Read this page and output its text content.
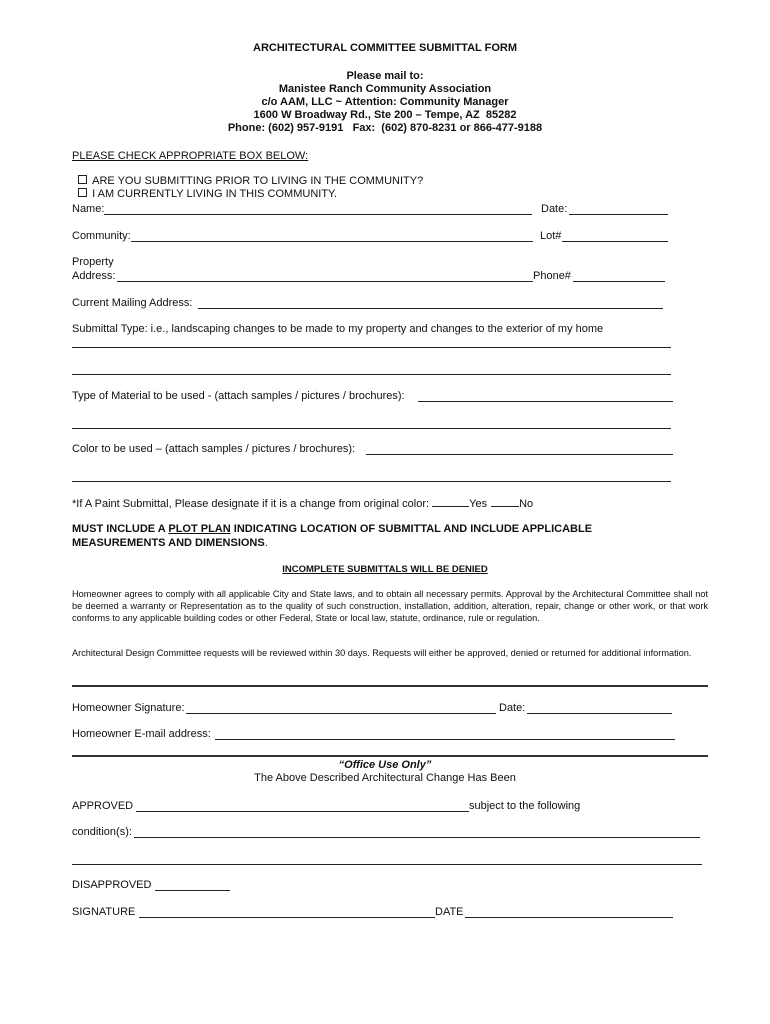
ARCHITECTURAL COMMITTEE SUBMITTAL FORM
Please mail to:
Manistee Ranch Community Association
c/o AAM, LLC ~ Attention: Community Manager
1600 W Broadway Rd., Ste 200 – Tempe, AZ  85282
Phone: (602) 957-9191   Fax:  (602) 870-8231 or 866-477-9188
PLEASE CHECK APPROPRIATE BOX BELOW:

ARE YOU SUBMITTING PRIOR TO LIVING IN THE COMMUNITY?

I AM CURRENTLY LIVING IN THIS COMMUNITY.

Name:	Date:
Community:	Lot#
Property
Address:	Phone#
Current Mailing Address:
Submittal Type: i.e., landscaping changes to be made to my property and changes to the exterior of my home
Type of Material to be used - (attach samples / pictures / brochures):
Color to be used – (attach samples / pictures / brochures):
*If A Paint Submittal, Please designate if it is a change from original color:	Yes	No
MUST INCLUDE A PLOT PLAN INDICATING LOCATION OF SUBMITTAL AND INCLUDE APPLICABLE
MEASUREMENTS AND DIMENSIONS.
INCOMPLETE SUBMITTALS WILL BE DENIED
Homeowner agrees to comply with all applicable City and State laws, and to obtain all necessary permits. Approval by the Architectural Committee shall not be deemed a warranty or Representation as to the quality of such construction, installation, addition, alteration, repair, change or other work, or that work conforms to any applicable building codes or other Federal, State or local law, statute, ordinance, rule or regulation.
Architectural Design Committee requests will be reviewed within 30 days. Requests will either be approved, denied or returned for additional information.
Homeowner Signature:	Date:
Homeowner E-mail address:
“Office Use Only”
The Above Described Architectural Change Has Been
APPROVED	subject to the following
condition(s):
DISAPPROVED
SIGNATURE	DATE
